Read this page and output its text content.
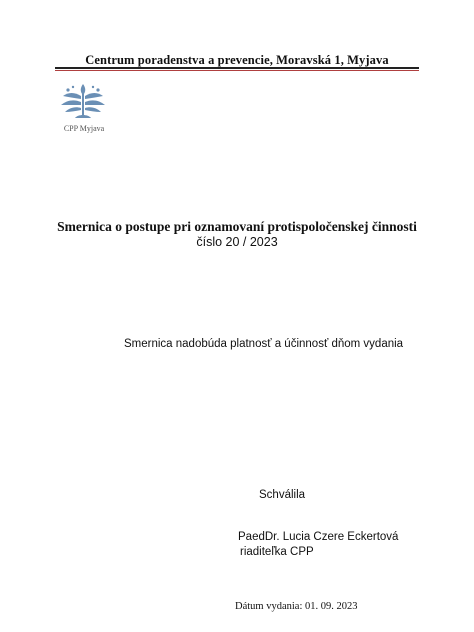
Centrum poradenstva a prevencie, Moravská 1, Myjava
CPP Myjava
Smernica o postupe pri oznamovaní protispoločenskej činnosti
číslo 20 / 2023
Smernica nadobúda platnosť a účinnosť dňom vydania
Schválila
PaedDr. Lucia Czere Eckertová
riaditeľka CPP
Dátum vydania: 01. 09. 2023
